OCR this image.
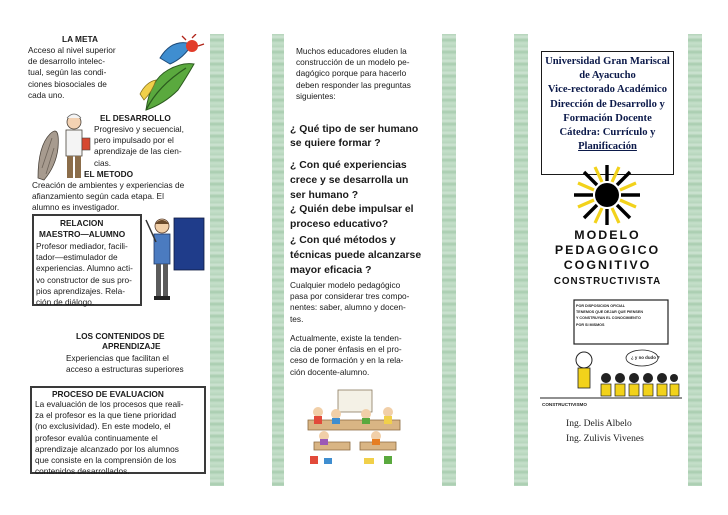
LA META
Acceso al nivel superior
de desarrollo intelec-
tual, según las condi-
ciones biosociales de
cada uno.
EL DESARROLLO
Progresivo y secuencial,
pero impulsado por el
aprendizaje de las cien-
cias.
EL METODO
Creación de ambientes y experiencias de
afianzamiento según cada etapa. El
alumno es investigador.
RELACION
MAESTRO—ALUMNO
Profesor mediador, facili-
tador—estimulador de
experiencias. Alumno acti-
vo constructor de sus pro-
pios aprendizajes. Rela-
ción de diálogo.
LOS CONTENIDOS DE
APRENDIZAJE
Experiencias que facilitan el
acceso a estructuras superiores
PROCESO DE EVALUACION
La evaluación de los procesos que reali-
za el profesor es la que tiene prioridad
(no exclusividad). En este modelo, el
profesor evalúa continuamente el
aprendizaje alcanzado por los alumnos
que consiste en la comprensión de los
contenidos desarrollados.
Muchos educadores eluden la
construcción de un modelo pe-
dagógico porque para hacerlo
deben responder las preguntas
siguientes:
¿ Qué tipo de ser humano
se quiere formar ?
¿ Con qué experiencias
crece y se desarrolla un
ser humano ?
¿ Quién debe impulsar el
proceso educativo?
¿ Con qué métodos y
técnicas puede alcanzarse
mayor eficacia ?
Cualquier modelo pedagógico
pasa por considerar tres compo-
nentes: saber, alumno y docen-
tes.
Actualmente, existe la tenden-
cia de poner énfasis en el pro-
ceso de formación y en la rela-
ción docente-alumno.
Universidad Gran Mariscal
de Ayacucho
Vice-rectorado Académico
Dirección de Desarrollo y
Formación Docente
Cátedra: Currículo y
Planificación
MODELO
PEDAGOGICO
COGNITIVO
CONSTRUCTIVISTA
POR DISPOSICION OFICIAL
TENEMOS QUE DEJAR QUE PIENSEN
Y CONSTRUYAN EL CONOCIMIENTO
POR SI MISMOS
¿ y no dudo ?
CONSTRUCTIVISMO
Ing. Delis Albelo
Ing. Zulivis Vivenes
